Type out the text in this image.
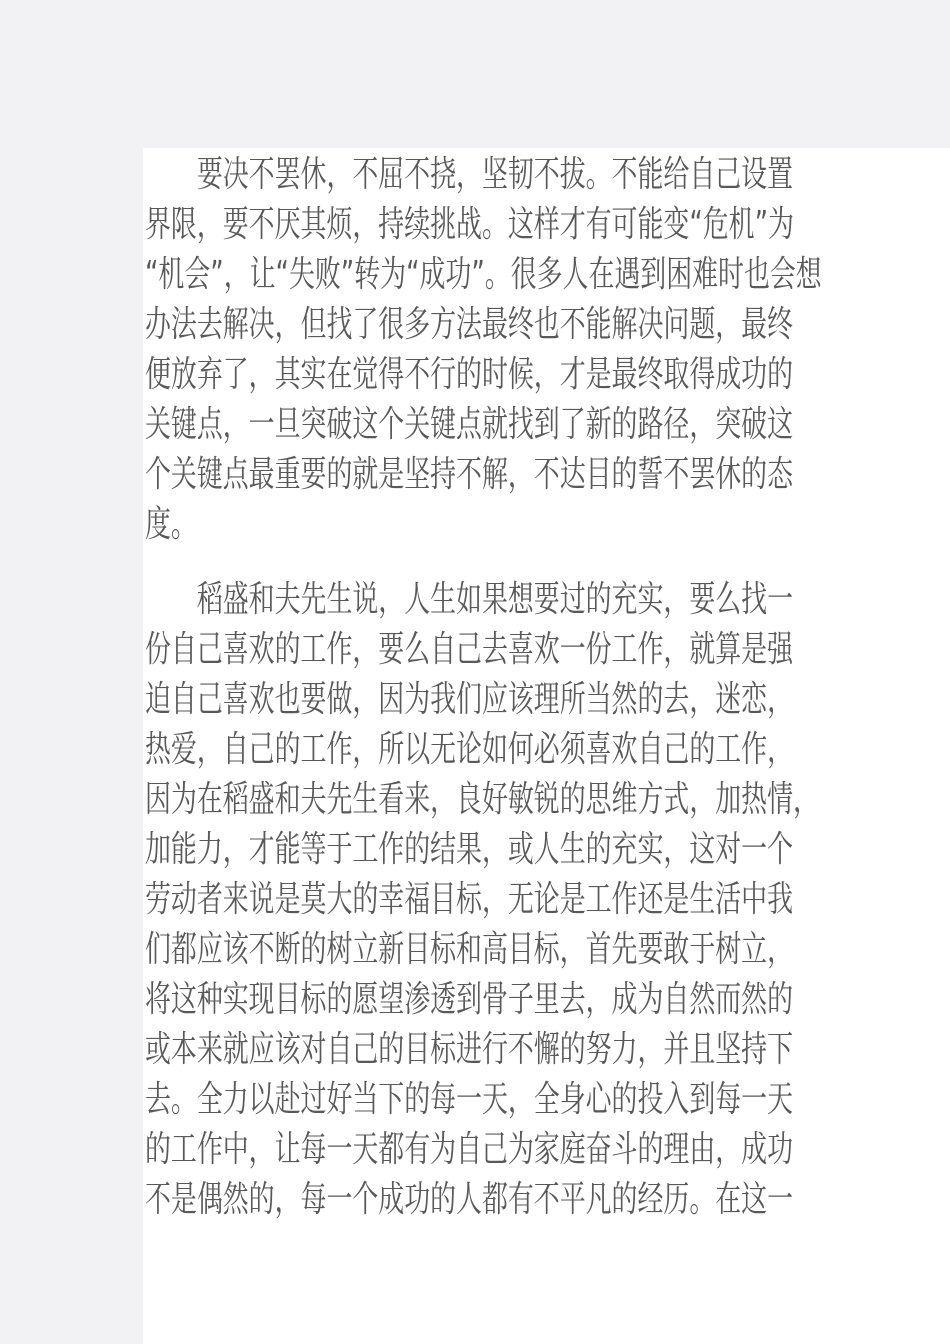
　　要决不罢休，不屈不挠，坚韧不拔。不能给自己设置
界限，要不厌其烦，持续挑战。这样才有可能变“危机”为
“机会”，让“失败”转为“成功”。很多人在遇到困难时也会想
办法去解决，但找了很多方法最终也不能解决问题，最终
便放弃了，其实在觉得不行的时候，才是最终取得成功的
关键点，一旦突破这个关键点就找到了新的路径，突破这
个关键点最重要的就是坚持不解，不达目的誓不罢休的态
度。
　　稻盛和夫先生说，人生如果想要过的充实，要么找一
份自己喜欢的工作，要么自己去喜欢一份工作，就算是强
迫自己喜欢也要做，因为我们应该理所当然的去，迷恋，
热爱，自己的工作，所以无论如何必须喜欢自己的工作，
因为在稻盛和夫先生看来，良好敏锐的思维方式，加热情，
加能力，才能等于工作的结果，或人生的充实，这对一个
劳动者来说是莫大的幸福目标，无论是工作还是生活中我
们都应该不断的树立新目标和高目标，首先要敢于树立，
将这种实现目标的愿望渗透到骨子里去，成为自然而然的
或本来就应该对自己的目标进行不懈的努力，并且坚持下
去。全力以赴过好当下的每一天，全身心的投入到每一天
的工作中，让每一天都有为自己为家庭奋斗的理由，成功
不是偶然的，每一个成功的人都有不平凡的经历。在这一
